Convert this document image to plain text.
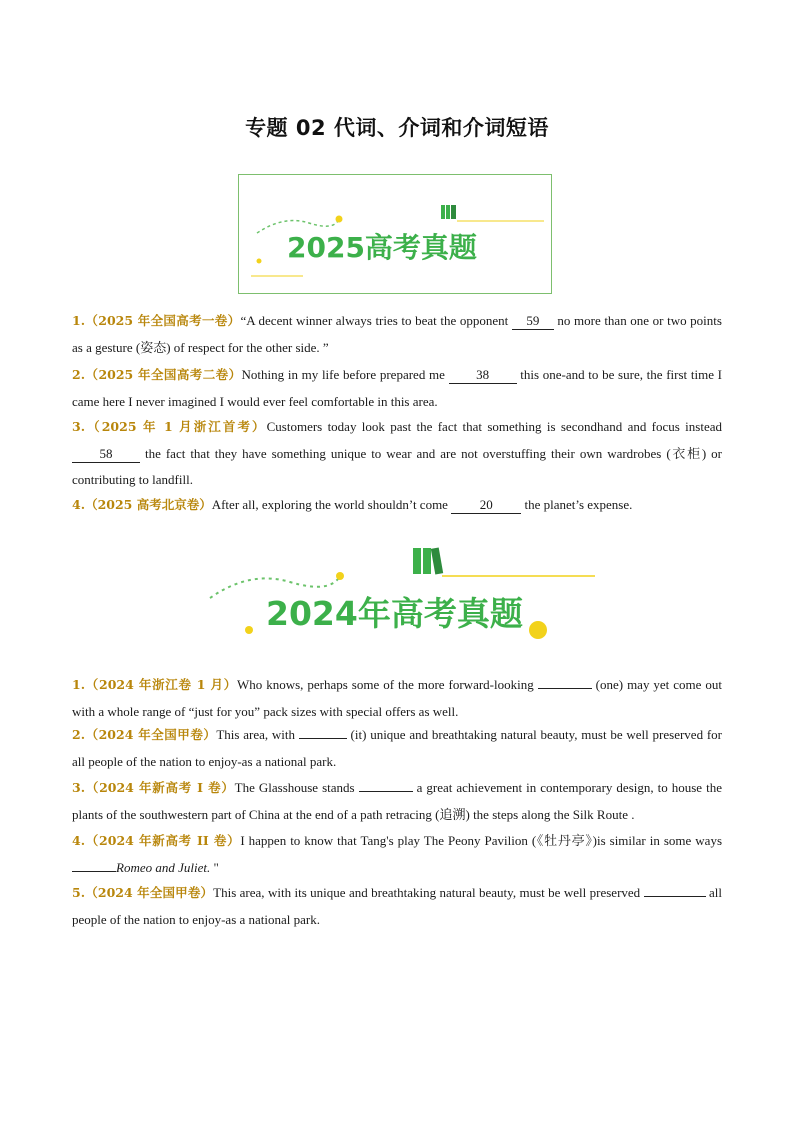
专题 02 代词、介词和介词短语
2025高考真题
1.（2025 年全国高考一卷）“A decent winner always tries to beat the opponent 59 no more than one or two points as a gesture (姿态) of respect for the other side. ”
2.（2025 年全国高考二卷）Nothing in my life before prepared me 38 this one-and to be sure, the first time I came here I never imagined I would ever feel comfortable in this area.
3.（2025 年 1 月浙江首考）Customers today look past the fact that something is secondhand and focus instead 58 the fact that they have something unique to wear and are not overstuffing their own wardrobes (衣柜) or contributing to landfill.
4.（2025 高考北京卷）After all, exploring the world shouldn’t come 20 the planet’s expense.
2024年高考真题
1.（2024 年浙江卷 1 月）Who knows, perhaps some of the more forward-looking	(one) may yet come out with a whole range of “just for you” pack sizes with special offers as well.
2.（2024 年全国甲卷）This area, with	(it) unique and breathtaking natural beauty, must be well preserved for all people of the nation to enjoy-as a national park.
3.（2024 年新高考 I 卷）The Glasshouse stands	a great achievement in contemporary design, to house the plants of the southwestern part of China at the end of a path retracing (追溯) the steps along the Silk Route .
4.（2024 年新高考 II 卷）I happen to know that Tang's play The Peony Pavilion (《牡丹亭》)is similar in some ways Romeo and Juliet. "
5.（2024 年全国甲卷）This area, with its unique and breathtaking natural beauty, must be well preserved	all people of the nation to enjoy-as a national park.
